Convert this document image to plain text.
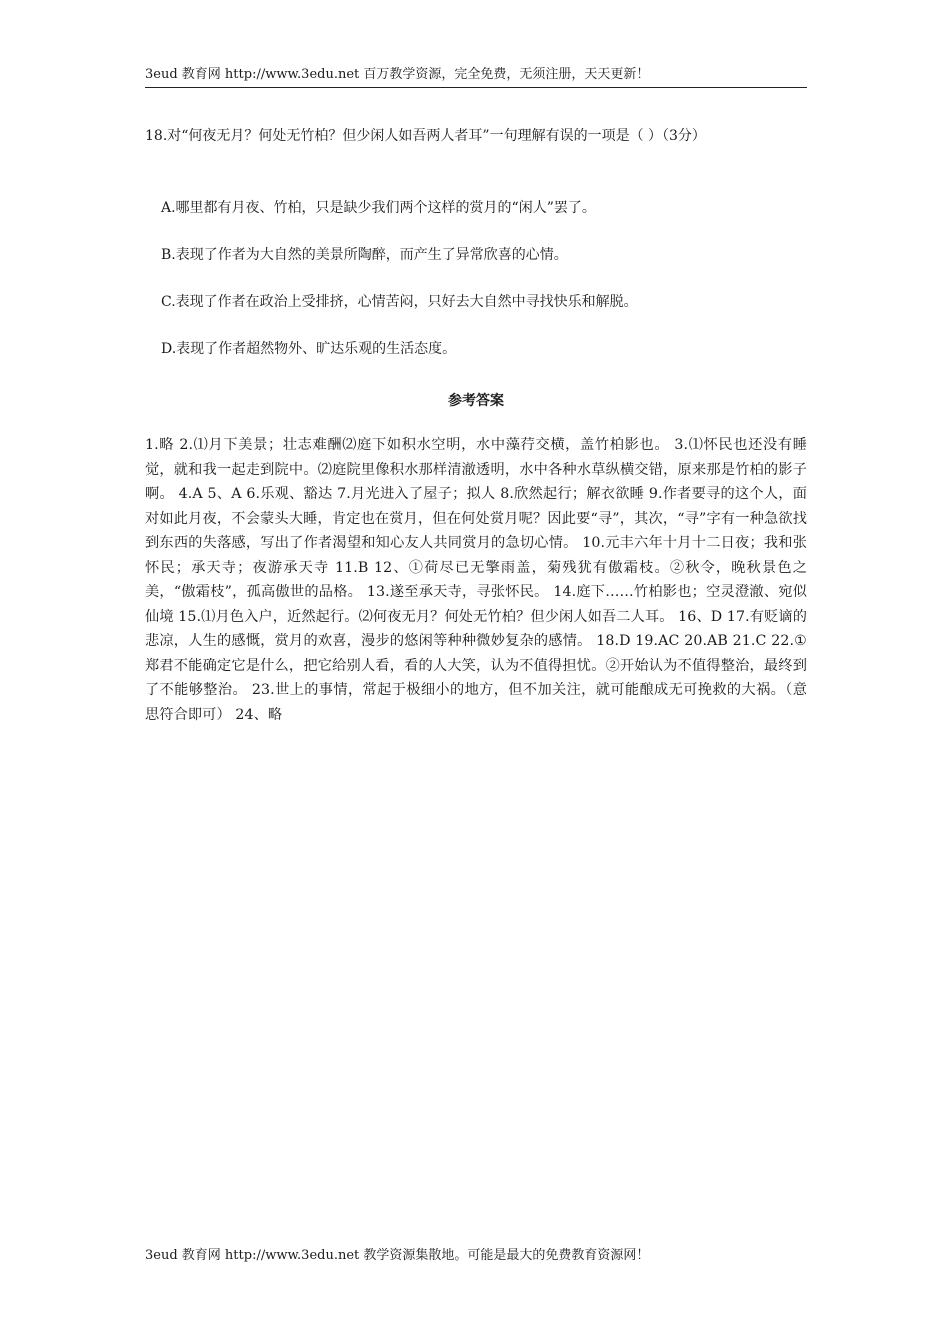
3eud 教育网 http://www.3edu.net 百万教学资源，完全免费，无须注册，天天更新！
18.对“何夜无月？何处无竹柏？但少闲人如吾两人者耳”一句理解有误的一项是（ ）（3分）
A.哪里都有月夜、竹柏，只是缺少我们两个这样的赏月的“闲人”罢了。
B.表现了作者为大自然的美景所陶醉，而产生了异常欣喜的心情。
C.表现了作者在政治上受排挤，心情苦闷，只好去大自然中寻找快乐和解脱。
D.表现了作者超然物外、旷达乐观的生活态度。
参考答案
1.略 2.⑴月下美景；壮志难酬⑵庭下如积水空明，水中藻荇交横，盖竹柏影也。 3.⑴怀民也还没有睡觉，就和我一起走到院中。⑵庭院里像积水那样清澈透明，水中各种水草纵横交错，原来那是竹柏的影子啊。 4.A 5、A 6.乐观、豁达 7.月光进入了屋子；拟人 8.欣然起行；解衣欲睡 9.作者要寻的这个人，面对如此月夜，不会蒙头大睡，肯定也在赏月，但在何处赏月呢？因此要“寻”，其次，“寻”字有一种急欲找到东西的失落感，写出了作者渴望和知心友人共同赏月的急切心情。 10.元丰六年十月十二日夜；我和张怀民；承天寺；夜游承天寺 11.B 12、①荷尽已无擎雨盖，菊残犹有傲霜枝。②秋令，晚秋景色之美，“傲霜枝”，孤高傲世的品格。 13.遂至承天寺，寻张怀民。 14.庭下……竹柏影也；空灵澄澈、宛似仙境 15.⑴月色入户，近然起行。⑵何夜无月？何处无竹柏？但少闲人如吾二人耳。 16、D 17.有贬谪的悲凉，人生的感慨，赏月的欢喜，漫步的悠闲等种种微妙复杂的感情。 18.D 19.AC 20.AB 21.C 22.①郑君不能确定它是什么，把它给别人看，看的人大笑，认为不值得担忧。②开始认为不值得整治，最终到了不能够整治。 23.世上的事情，常起于极细小的地方，但不加关注，就可能酿成无可挽救的大祸。（意思符合即可） 24、略
3eud 教育网 http://www.3edu.net 教学资源集散地。可能是最大的免费教育资源网！
